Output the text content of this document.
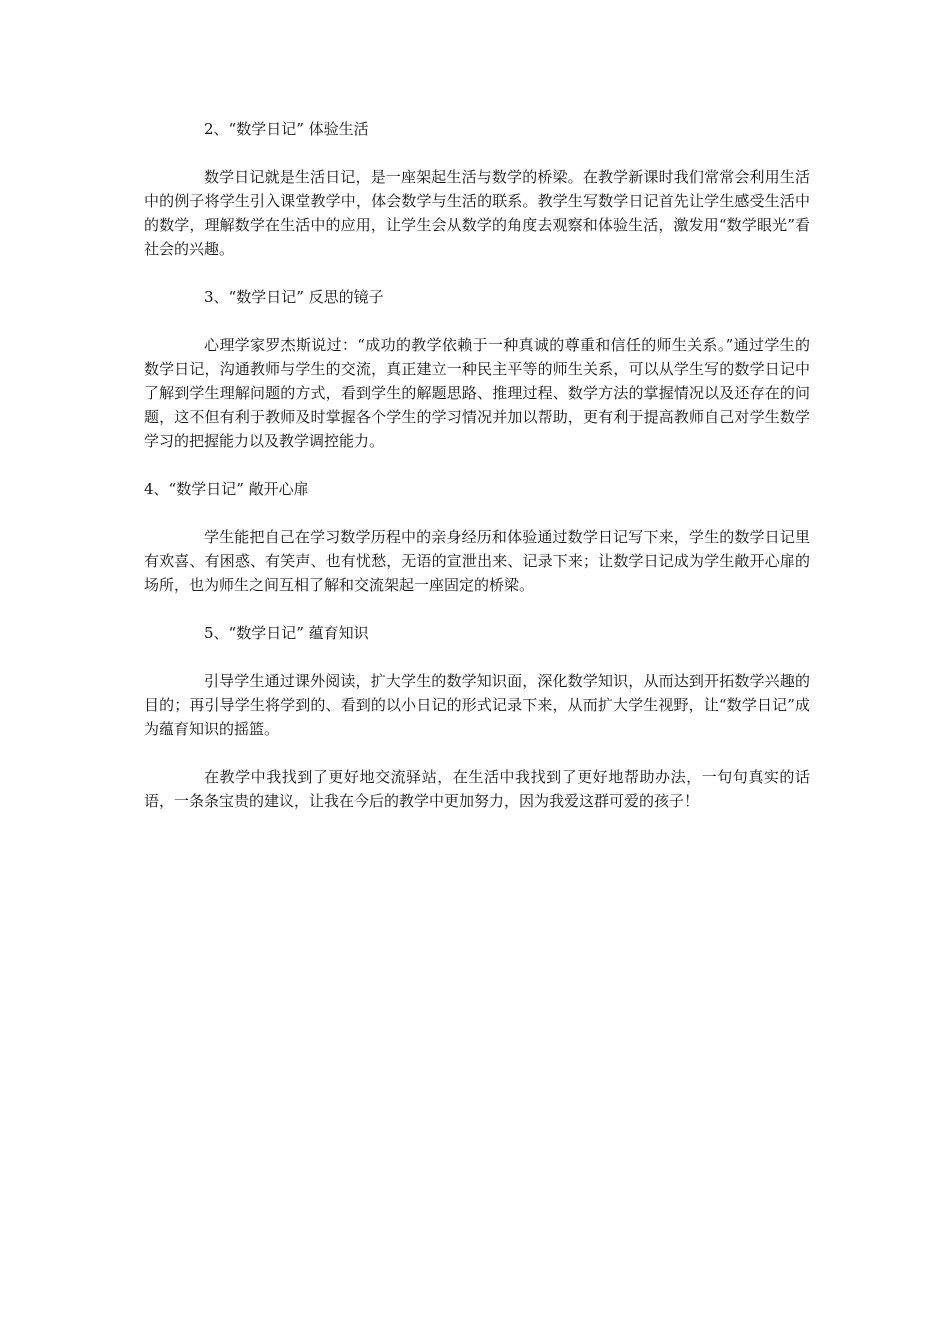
2、“数学日记” 体验生活

数学日记就是生活日记，是一座架起生活与数学的桥梁。在教学新课时我们常常会利用生活中的例子将学生引入课堂教学中，体会数学与生活的联系。教学生写数学日记首先让学生感受生活中的数学，理解数学在生活中的应用，让学生会从数学的角度去观察和体验生活，激发用“数学眼光”看社会的兴趣。

3、“数学日记” 反思的镜子

心理学家罗杰斯说过：“成功的教学依赖于一种真诚的尊重和信任的师生关系。”通过学生的数学日记，沟通教师与学生的交流，真正建立一种民主平等的师生关系，可以从学生写的数学日记中了解到学生理解问题的方式，看到学生的解题思路、推理过程、数学方法的掌握情况以及还存在的问题，这不但有利于教师及时掌握各个学生的学习情况并加以帮助，更有利于提高教师自己对学生数学学习的把握能力以及教学调控能力。

4、“数学日记” 敞开心扉

学生能把自己在学习数学历程中的亲身经历和体验通过数学日记写下来，学生的数学日记里有欢喜、有困惑、有笑声、也有忧愁，无语的宣泄出来、记录下来；让数学日记成为学生敞开心扉的场所，也为师生之间互相了解和交流架起一座固定的桥梁。

5、“数学日记” 蕴育知识

引导学生通过课外阅读，扩大学生的数学知识面，深化数学知识，从而达到开拓数学兴趣的目的；再引导学生将学到的、看到的以小日记的形式记录下来，从而扩大学生视野，让“数学日记”成为蕴育知识的摇篮。

在教学中我找到了更好地交流驿站，在生活中我找到了更好地帮助办法，一句句真实的话语，一条条宝贵的建议，让我在今后的教学中更加努力，因为我爱这群可爱的孩子！
